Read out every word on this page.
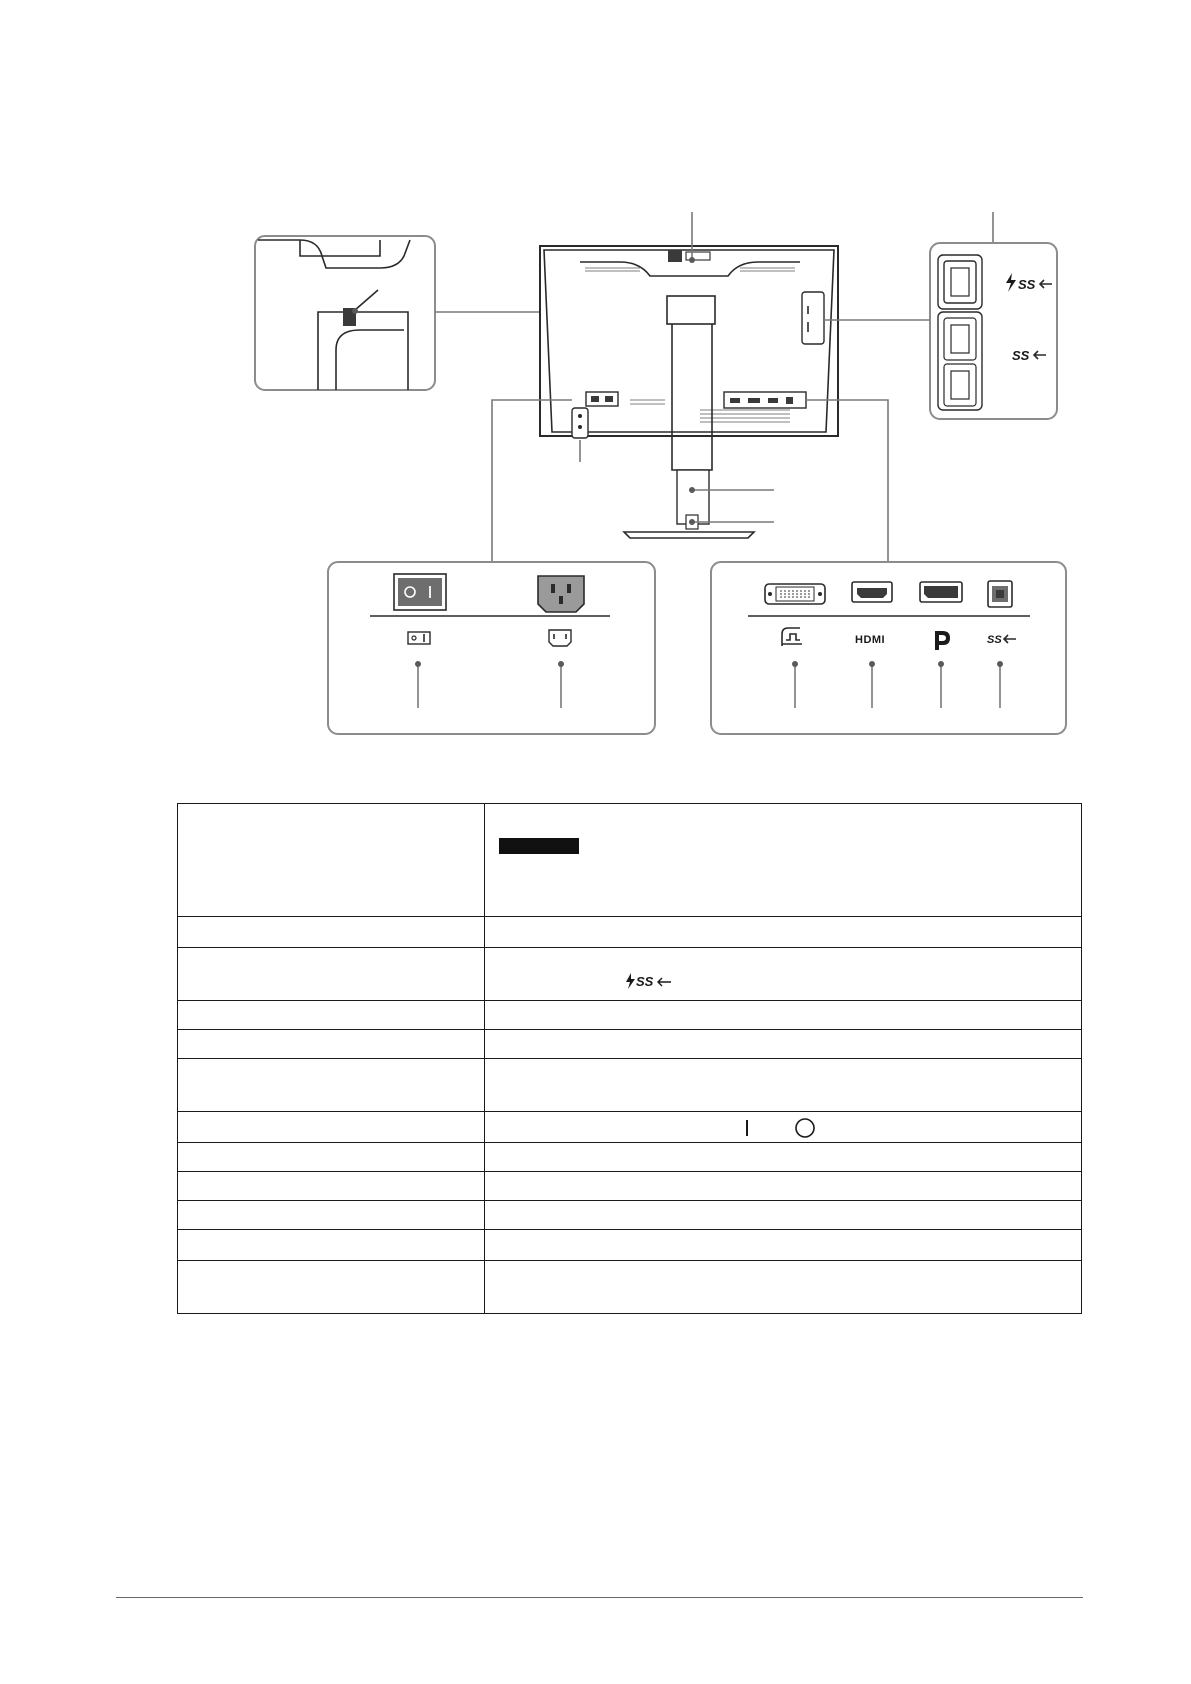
SS
SS
HDMI	SS

SS
